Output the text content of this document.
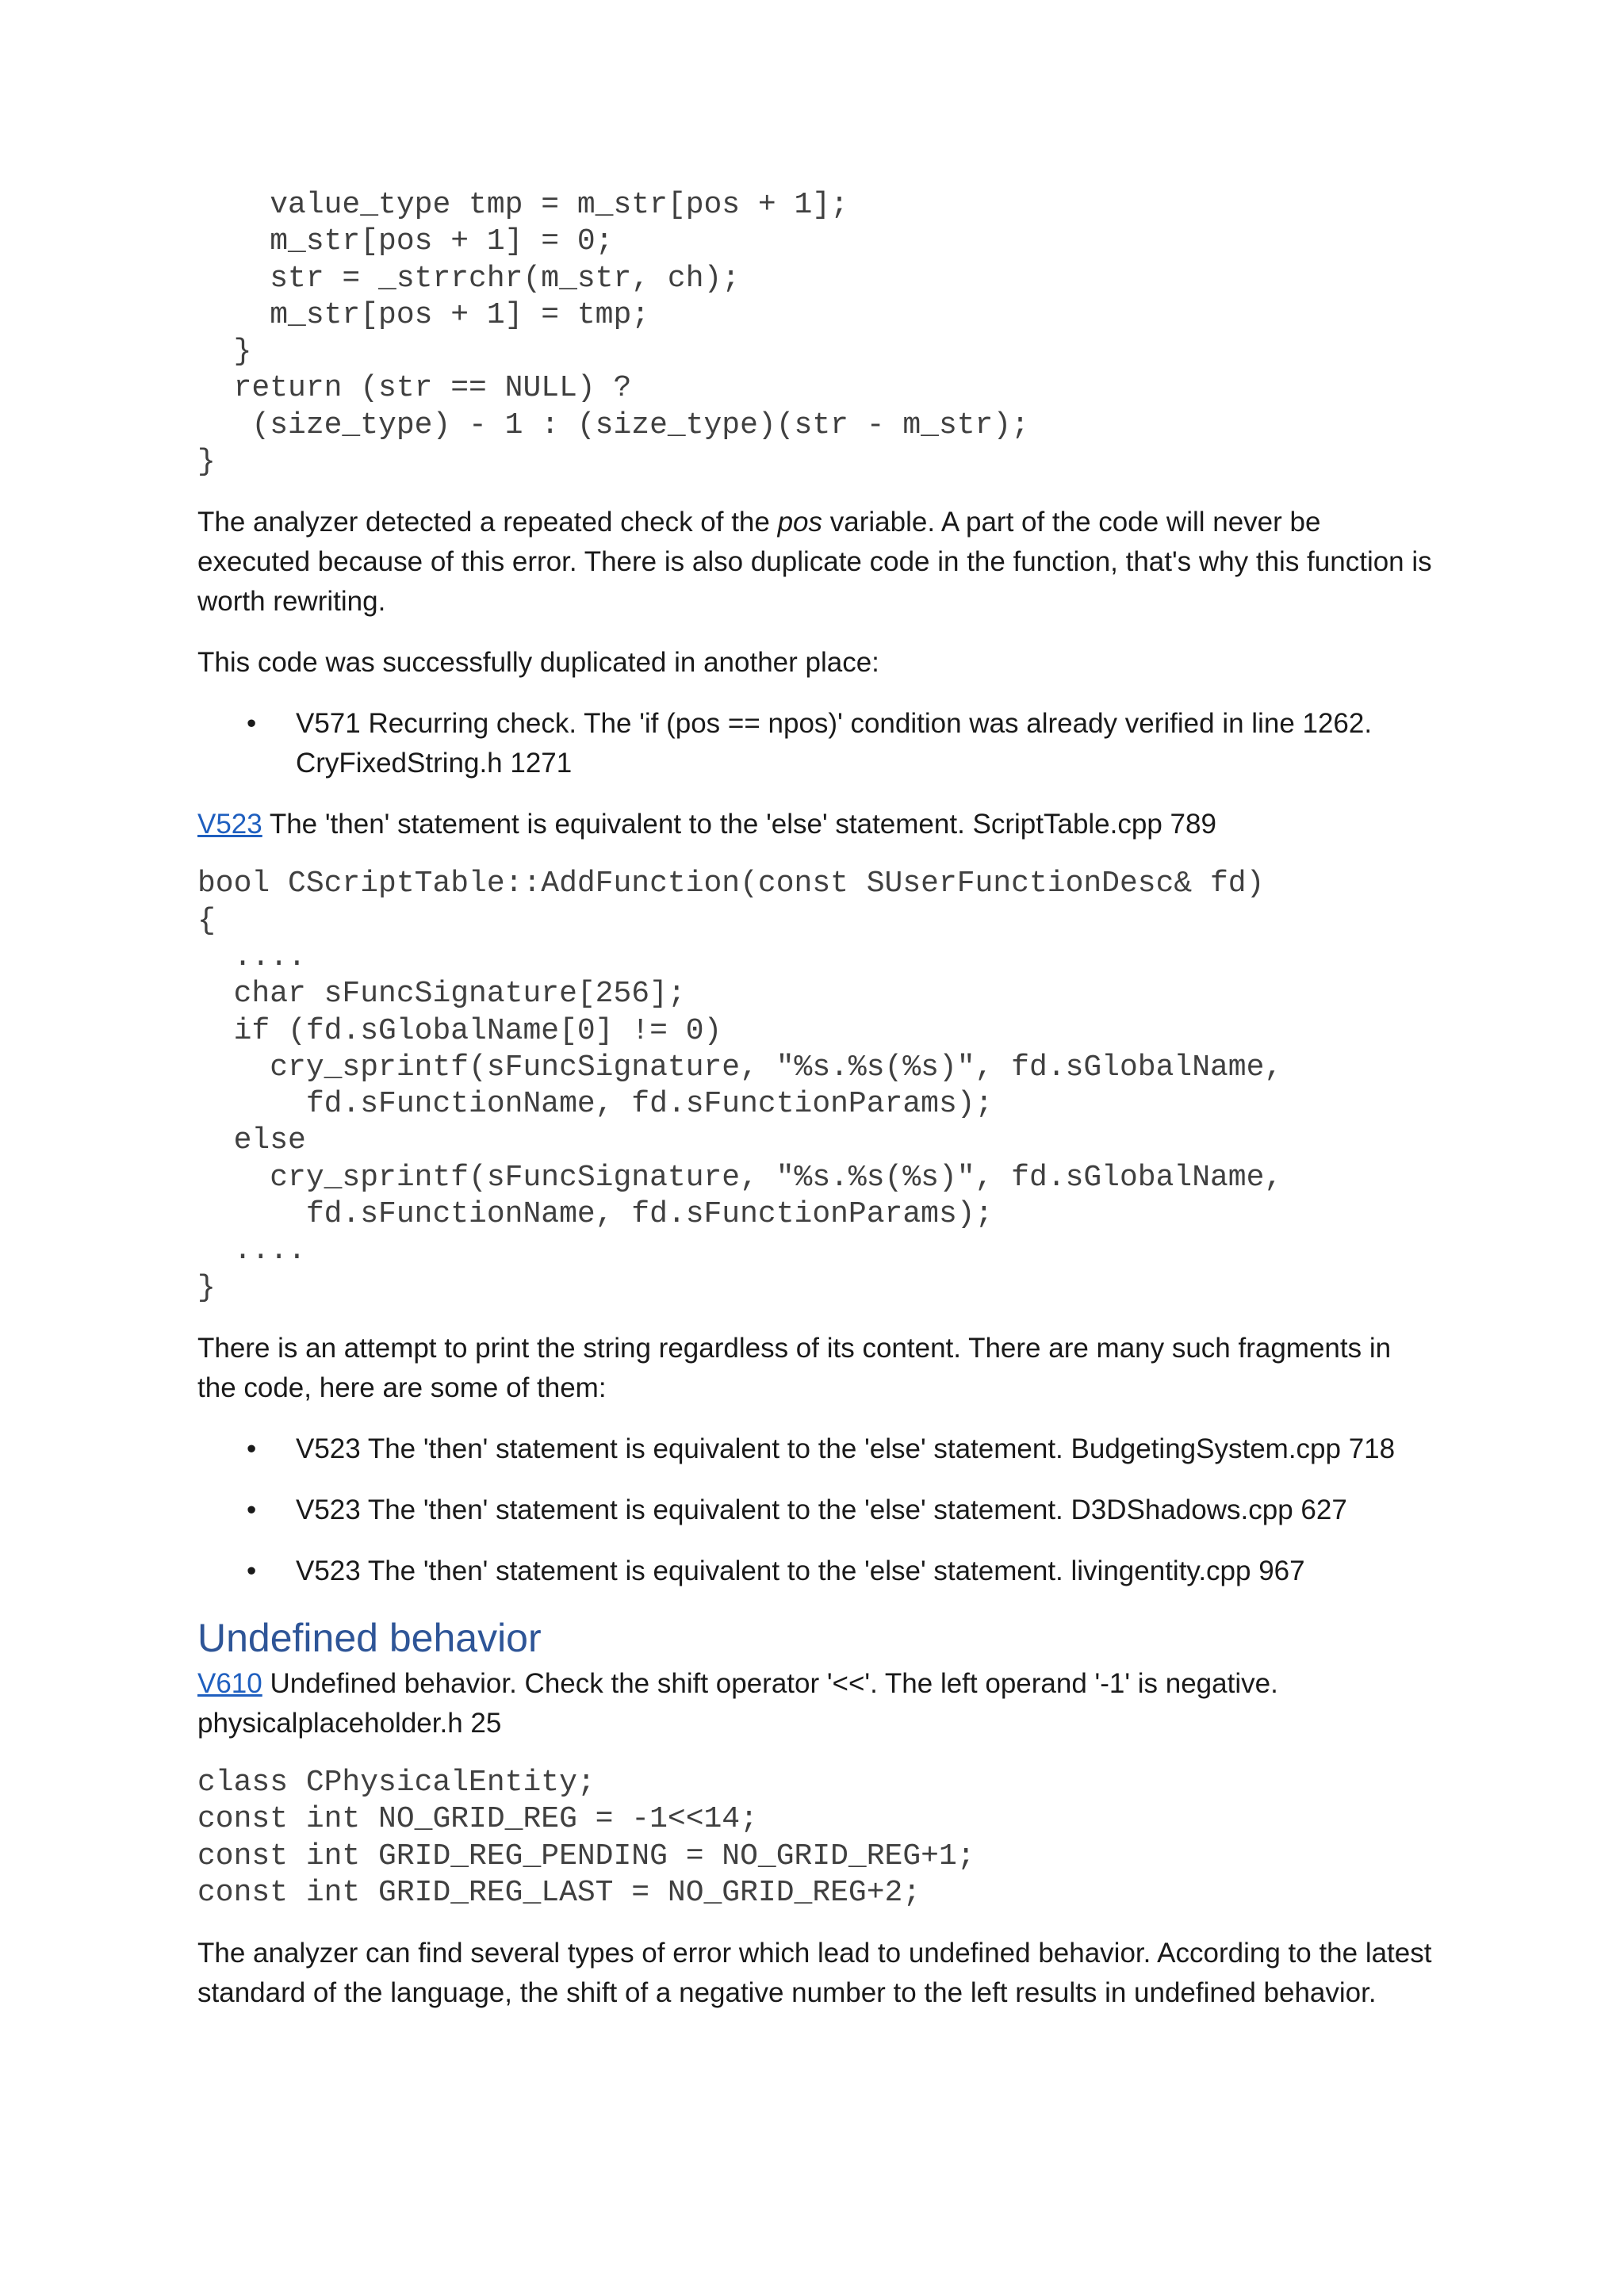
value_type tmp = m_str[pos + 1];
m_str[pos + 1] = 0;
str = _strrchr(m_str, ch);
m_str[pos + 1] = tmp;
}
return (str == NULL) ?
(size_type) - 1 : (size_type)(str - m_str);
}

The analyzer detected a repeated check of the pos variable. A part of the code will never be executed because of this error. There is also duplicate code in the function, that's why this function is worth rewriting.

This code was successfully duplicated in another place:

• V571 Recurring check. The 'if (pos == npos)' condition was already verified in line 1262. CryFixedString.h 1271

V523 The 'then' statement is equivalent to the 'else' statement. ScriptTable.cpp 789

bool CScriptTable::AddFunction(const SUserFunctionDesc& fd)
{
....
char sFuncSignature[256];
if (fd.sGlobalName[0] != 0)
cry_sprintf(sFuncSignature, "%s.%s(%s)", fd.sGlobalName,
fd.sFunctionName, fd.sFunctionParams);
else
cry_sprintf(sFuncSignature, "%s.%s(%s)", fd.sGlobalName,
fd.sFunctionName, fd.sFunctionParams);
....
}

There is an attempt to print the string regardless of its content. There are many such fragments in the code, here are some of them:

• V523 The 'then' statement is equivalent to the 'else' statement. BudgetingSystem.cpp 718
• V523 The 'then' statement is equivalent to the 'else' statement. D3DShadows.cpp 627
• V523 The 'then' statement is equivalent to the 'else' statement. livingentity.cpp 967
Undefined behavior

V610 Undefined behavior. Check the shift operator '<<'. The left operand '-1' is negative. physicalplaceholder.h 25

class CPhysicalEntity;
const int NO_GRID_REG = -1<<14;
const int GRID_REG_PENDING = NO_GRID_REG+1;
const int GRID_REG_LAST = NO_GRID_REG+2;

The analyzer can find several types of error which lead to undefined behavior. According to the latest standard of the language, the shift of a negative number to the left results in undefined behavior.
